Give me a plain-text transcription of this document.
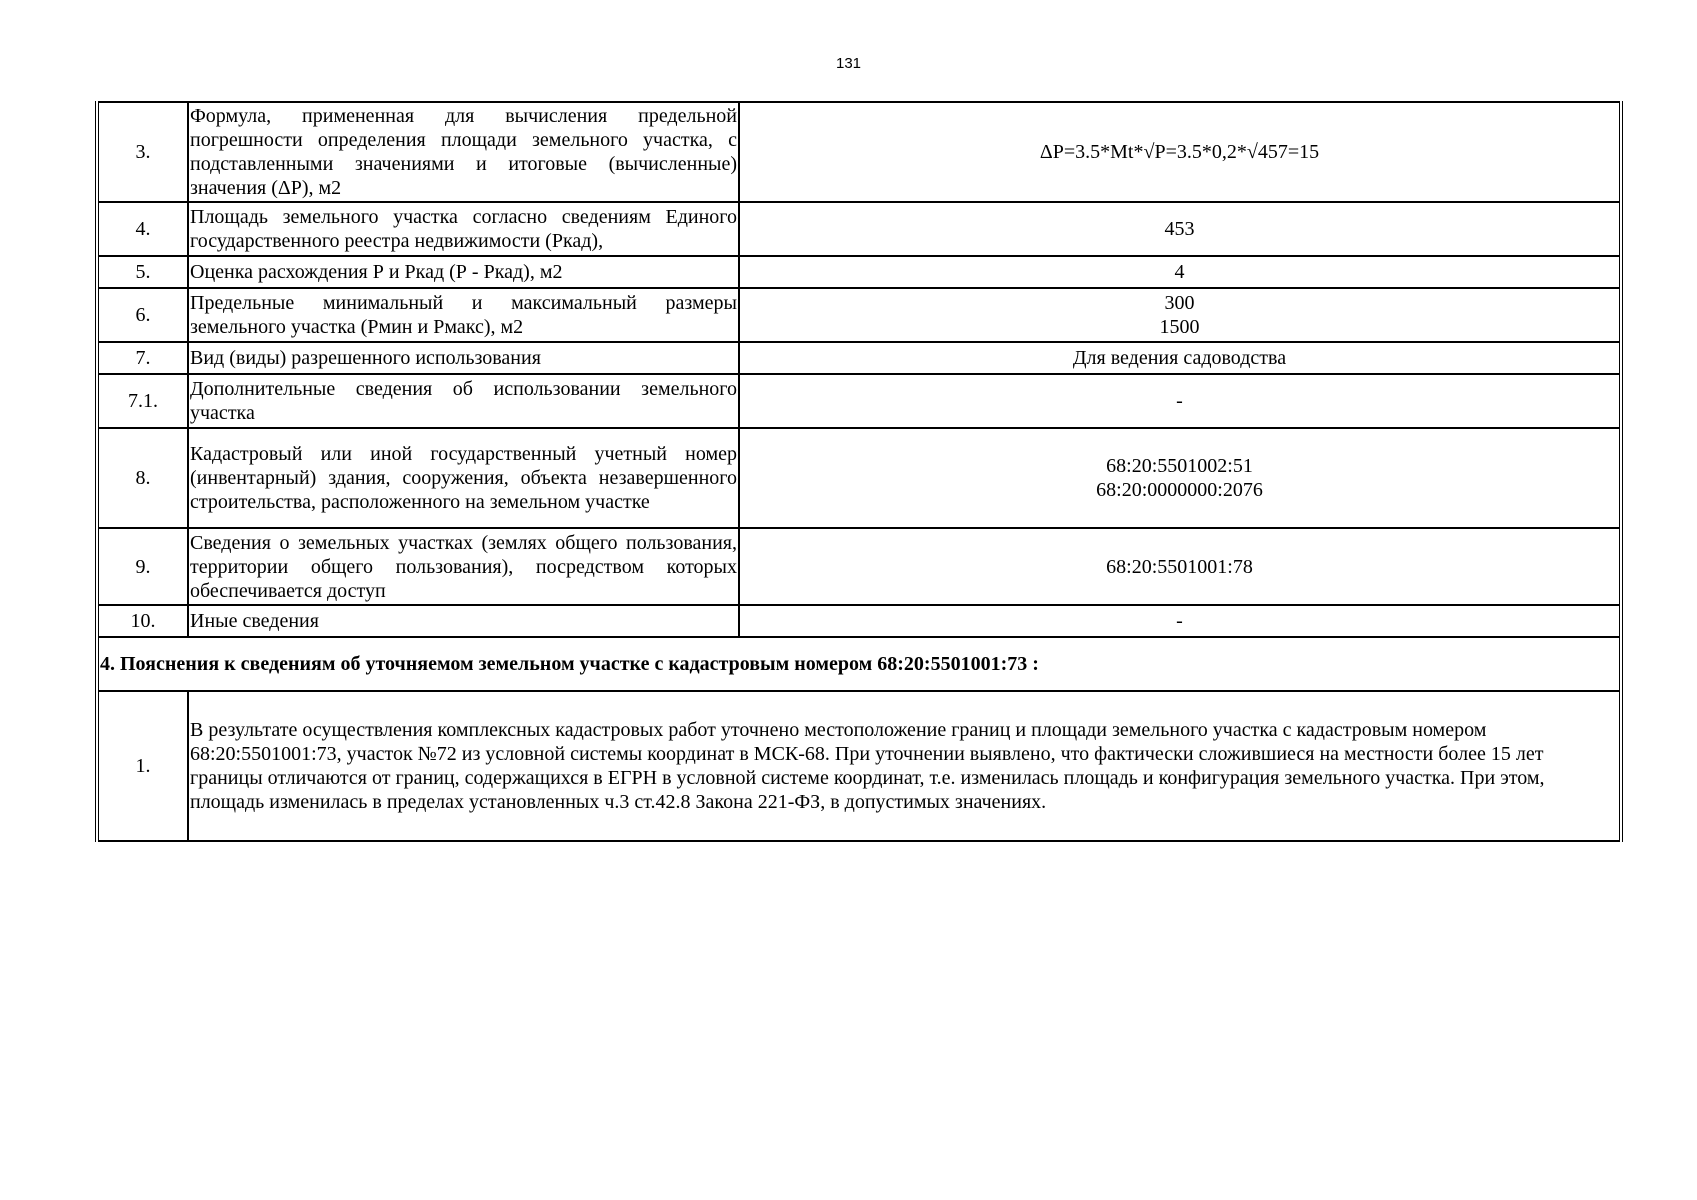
131
3.	Формула, примененная для вычисления предельной погрешности определения площади земельного участка, с подставленными значениями и итоговые (вычисленные) значения (ΔР), м2	ΔР=3.5*Mt*√Р=3.5*0,2*√457=15

4.	Площадь земельного участка согласно сведениям Единого государственного реестра недвижимости (Ркад),	453

5.	Оценка расхождения Р и Ркад (Р - Ркад), м2	4

6.	Предельные минимальный и максимальный размеры земельного участка (Рмин и Рмакс), м2	300
1500

7.	Вид (виды) разрешенного использования	Для ведения садоводства

7.1.	Дополнительные сведения об использовании земельного участка	-

8.	Кадастровый или иной государственный учетный номер (инвентарный) здания, сооружения, объекта незавершенного строительства, расположенного на земельном участке	68:20:5501002:51
68:20:0000000:2076

9.	Сведения о земельных участках (землях общего пользования, территории общего пользования), посредством которых обеспечивается доступ	68:20:5501001:78

10.	Иные сведения	-

4. Пояснения к сведениям об уточняемом земельном участке с кадастровым номером 68:20:5501001:73 :		
1.	В результате осуществления комплексных кадастровых работ уточнено местоположение границ и площади земельного участка с кадастровым номером 68:20:5501001:73, участок №72 из условной системы координат в МСК-68. При уточнении выявлено, что фактически сложившиеся на местности более 15 лет границы отличаются от границ, содержащихся в ЕГРН в условной системе координат, т.е. изменилась площадь и конфигурация земельного участка. При этом, площадь изменилась в пределах установленных ч.3 ст.42.8 Закона 221-ФЗ, в допустимых значениях.	
